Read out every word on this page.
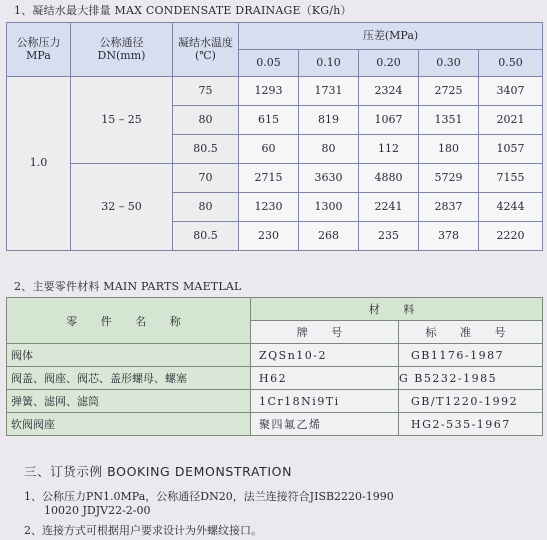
1、凝结水最大排量 MAX CONDENSATE DRAINAGE（KG/h）
公称压力
MPa	公称通径
DN(mm)	凝结水温度
(℃)	压差(MPa)				
			0.05	0.10	0.20	0.30	0.50
1.0	15 – 25	75	1293	1731	2324	2725	3407
		80	615	819	1067	1351	2021
		80.5	60	80	112	180	1057
	32 – 50	70	2715	3630	4880	5729	7155
		80	1230	1300	2241	2837	4244
		80.5	230	268	235	378	2220
2、主要零件材料 MAIN PARTS MAETLAL
零 件 名 称	材 料	
	牌 号	标 准 号
阀体	ZQSn10-2	GB1176-1987
阀盖、阀座、阀芯、盖形螺母、螺塞	H62	G B5232-1985
弹簧、滤网、滤筒	1Cr18Ni9Ti	GB/T1220-1992
软阀阀座	聚四氟乙烯	HG2-535-1967
三、订货示例 BOOKING DEMONSTRATION
1、公称压力PN1.0MPa，公称通径DN20，法兰连接符合JISB2220-1990
10020 JDJV22-2-00
2、连接方式可根据用户要求设计为外螺纹接口。
